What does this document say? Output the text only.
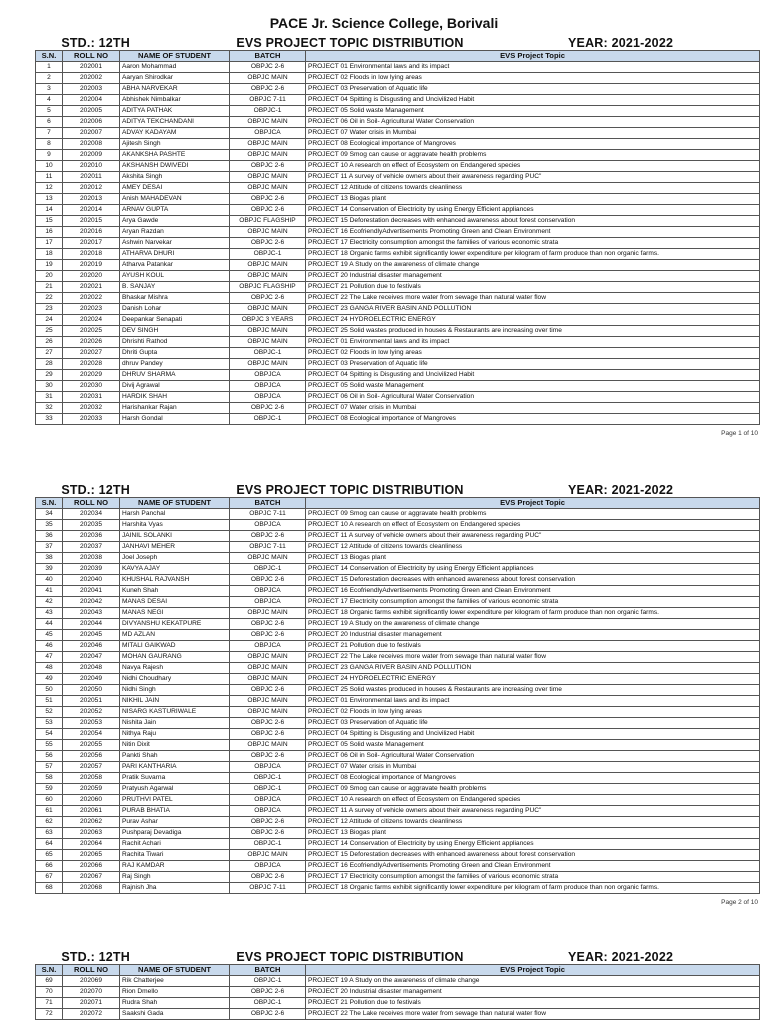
PACE Jr. Science College, Borivali
STD.: 12TH	EVS PROJECT TOPIC DISTRIBUTION	YEAR: 2021-2022
S.N.	ROLL NO	NAME OF STUDENT	BATCH	EVS Project Topic
1	202001	Aaron Mohammad	OBPJC 2-6	PROJECT 01 Environmental laws and its impact
2	202002	Aaryan Shirodkar	OBPJC MAIN	PROJECT 02 Floods in low lying areas
3	202003	ABHA NARVEKAR	OBPJC 2-6	PROJECT 03 Preservation of Aquatic life
4	202004	Abhishek Nimbalkar	OBPJC 7-11	PROJECT 04 Spitting is Disgusting and Uncivilized Habit
5	202005	ADITYA PATHAK	OBPJC-1	PROJECT 05 Solid waste Management
6	202006	ADITYA TEKCHANDANI	OBPJC MAIN	PROJECT 06 Oil in Soil- Agricultural Water Conservation
7	202007	ADVAY KADAYAM	OBPJCA	PROJECT 07 Water crisis in Mumbai
8	202008	Ajitesh Singh	OBPJC MAIN	PROJECT 08 Ecological importance of Mangroves
9	202009	AKANKSHA PASHTE	OBPJC MAIN	PROJECT 09 Smog can cause or aggravate health problems
10	202010	AKSHANSH DWIVEDI	OBPJC 2-6	PROJECT 10 A research on effect of Ecosystem on Endangered species
11	202011	Akshita Singh	OBPJC MAIN	PROJECT 11 A survey of vehicle owners about their awareness regarding PUC"
12	202012	AMEY DESAI	OBPJC MAIN	PROJECT 12 Attitude of citizens towards cleanliness
13	202013	Anish MAHADEVAN	OBPJC 2-6	PROJECT 13 Biogas plant
14	202014	ARNAV GUPTA	OBPJC 2-6	PROJECT 14 Conservation of Electricity by using Energy Efficient appliances
15	202015	Arya Gawde	OBPJC FLAGSHIP	PROJECT 15 Deforestation decreases with enhanced awareness about forest conservation
16	202016	Aryan Razdan	OBPJC MAIN	PROJECT 16 EcofriendlyAdvertisements Promoting Green and Clean Environment
17	202017	Ashwin Narvekar	OBPJC 2-6	PROJECT 17 Electricity consumption amongst the families of various economic strata
18	202018	ATHARVA DHURI	OBPJC-1	PROJECT 18 Organic farms exhibit significantly lower expenditure per kilogram of farm produce than non organic farms.
19	202019	Atharva Patankar	OBPJC MAIN	PROJECT 19 A Study on the awareness of climate change
20	202020	AYUSH KOUL	OBPJC MAIN	PROJECT 20 Industrial disaster management
21	202021	B. SANJAY	OBPJC FLAGSHIP	PROJECT 21 Pollution due to festivals
22	202022	Bhaskar Mishra	OBPJC 2-6	PROJECT 22 The Lake receives more water from sewage than natural water flow
23	202023	Danish Lohar	OBPJC MAIN	PROJECT 23 GANGA RIVER BASIN AND POLLUTION
24	202024	Deepankar Senapati	OBPJC 3 YEARS	PROJECT 24 HYDROELECTRIC ENERGY
25	202025	DEV SINGH	OBPJC MAIN	PROJECT 25 Solid wastes produced in houses & Restaurants are increasing over time
26	202026	Dhrishti Rathod	OBPJC MAIN	PROJECT 01 Environmental laws and its impact
27	202027	Dhriti Gupta	OBPJC-1	PROJECT 02 Floods in low lying areas
28	202028	dhruv Pandey	OBPJC MAIN	PROJECT 03 Preservation of Aquatic life
29	202029	DHRUV SHARMA	OBPJCA	PROJECT 04 Spitting is Disgusting and Uncivilized Habit
30	202030	Divij Agrawal	OBPJCA	PROJECT 05 Solid waste Management
31	202031	HARDIK SHAH	OBPJCA	PROJECT 06 Oil in Soil- Agricultural Water Conservation
32	202032	Harishankar Rajan	OBPJC 2-6	PROJECT 07 Water crisis in Mumbai
33	202033	Harsh Gondal	OBPJC-1	PROJECT 08 Ecological importance of Mangroves
Page 1 of 10
STD.: 12TH	EVS PROJECT TOPIC DISTRIBUTION	YEAR: 2021-2022
S.N.	ROLL NO	NAME OF STUDENT	BATCH	EVS Project Topic
34	202034	Harsh Panchal	OBPJC 7-11	PROJECT 09 Smog can cause or aggravate health problems
35	202035	Harshita Vyas	OBPJCA	PROJECT 10 A research on effect of Ecosystem on Endangered species
36	202036	JAINIL SOLANKI	OBPJC 2-6	PROJECT 11 A survey of vehicle owners about their awareness regarding PUC"
37	202037	JANHAVI MEHER	OBPJC 7-11	PROJECT 12 Attitude of citizens towards cleanliness
38	202038	Joel Joseph	OBPJC MAIN	PROJECT 13 Biogas plant
39	202039	KAVYA AJAY	OBPJC-1	PROJECT 14 Conservation of Electricity by using Energy Efficient appliances
40	202040	KHUSHAL RAJVANSH	OBPJC 2-6	PROJECT 15 Deforestation decreases with enhanced awareness about forest conservation
41	202041	Kuneh Shah	OBPJCA	PROJECT 16 EcofriendlyAdvertisements Promoting Green and Clean Environment
42	202042	MANAS DESAI	OBPJCA	PROJECT 17 Electricity consumption amongst the families of various economic strata
43	202043	MANAS NEGI	OBPJC MAIN	PROJECT 18 Organic farms exhibit significantly lower expenditure per kilogram of farm produce than non organic farms.
44	202044	DIVYANSHU KEKATPURE	OBPJC 2-6	PROJECT 19 A Study on the awareness of climate change
45	202045	MD AZLAN	OBPJC 2-6	PROJECT 20 Industrial disaster management
46	202046	MITALI GAIKWAD	OBPJCA	PROJECT 21 Pollution due to festivals
47	202047	MOHAN GAURANG	OBPJC MAIN	PROJECT 22 The Lake receives more water from sewage than natural water flow
48	202048	Navya Rajesh	OBPJC MAIN	PROJECT 23 GANGA RIVER BASIN AND POLLUTION
49	202049	Nidhi Choudhary	OBPJC MAIN	PROJECT 24 HYDROELECTRIC ENERGY
50	202050	Nidhi Singh	OBPJC 2-6	PROJECT 25 Solid wastes produced in houses & Restaurants are increasing over time
51	202051	NIKHIL JAIN	OBPJC MAIN	PROJECT 01 Environmental laws and its impact
52	202052	NISARG KASTURIWALE	OBPJC MAIN	PROJECT 02 Floods in low lying areas
53	202053	Nishita Jain	OBPJC 2-6	PROJECT 03 Preservation of Aquatic life
54	202054	Nithya Raju	OBPJC 2-6	PROJECT 04 Spitting is Disgusting and Uncivilized Habit
55	202055	Nitin Dixit	OBPJC MAIN	PROJECT 05 Solid waste Management
56	202056	Pankti Shah	OBPJC 2-6	PROJECT 06 Oil in Soil- Agricultural Water Conservation
57	202057	PARI KANTHARIA	OBPJCA	PROJECT 07 Water crisis in Mumbai
58	202058	Pratik Suvarna	OBPJC-1	PROJECT 08 Ecological importance of Mangroves
59	202059	Pratyush Agarwal	OBPJC-1	PROJECT 09 Smog can cause or aggravate health problems
60	202060	PRUTHVI PATEL	OBPJCA	PROJECT 10 A research on effect of Ecosystem on Endangered species
61	202061	PURAB BHATIA	OBPJCA	PROJECT 11 A survey of vehicle owners about their awareness regarding PUC"
62	202062	Purav Ashar	OBPJC 2-6	PROJECT 12 Attitude of citizens towards cleanliness
63	202063	Pushparaj Devadiga	OBPJC 2-6	PROJECT 13 Biogas plant
64	202064	Rachit Achari	OBPJC-1	PROJECT 14 Conservation of Electricity by using Energy Efficient appliances
65	202065	Rachita Tiwari	OBPJC MAIN	PROJECT 15 Deforestation decreases with enhanced awareness about forest conservation
66	202066	RAJ KAMDAR	OBPJCA	PROJECT 16 EcofriendlyAdvertisements Promoting Green and Clean Environment
67	202067	Raj Singh	OBPJC 2-6	PROJECT 17 Electricity consumption amongst the families of various economic strata
68	202068	Rajnish Jha	OBPJC 7-11	PROJECT 18 Organic farms exhibit significantly lower expenditure per kilogram of farm produce than non organic farms.
Page 2 of 10
STD.: 12TH	EVS PROJECT TOPIC DISTRIBUTION	YEAR: 2021-2022
S.N.	ROLL NO	NAME OF STUDENT	BATCH	EVS Project Topic
69	202069	Rik Chatterjee	OBPJC-1	PROJECT 19 A Study on the awareness of climate change
70	202070	Rion Dmello	OBPJC 2-6	PROJECT 20 Industrial disaster management
71	202071	Rudra Shah	OBPJC-1	PROJECT 21 Pollution due to festivals
72	202072	Saakshi Gada	OBPJC 2-6	PROJECT 22 The Lake receives more water from sewage than natural water flow
